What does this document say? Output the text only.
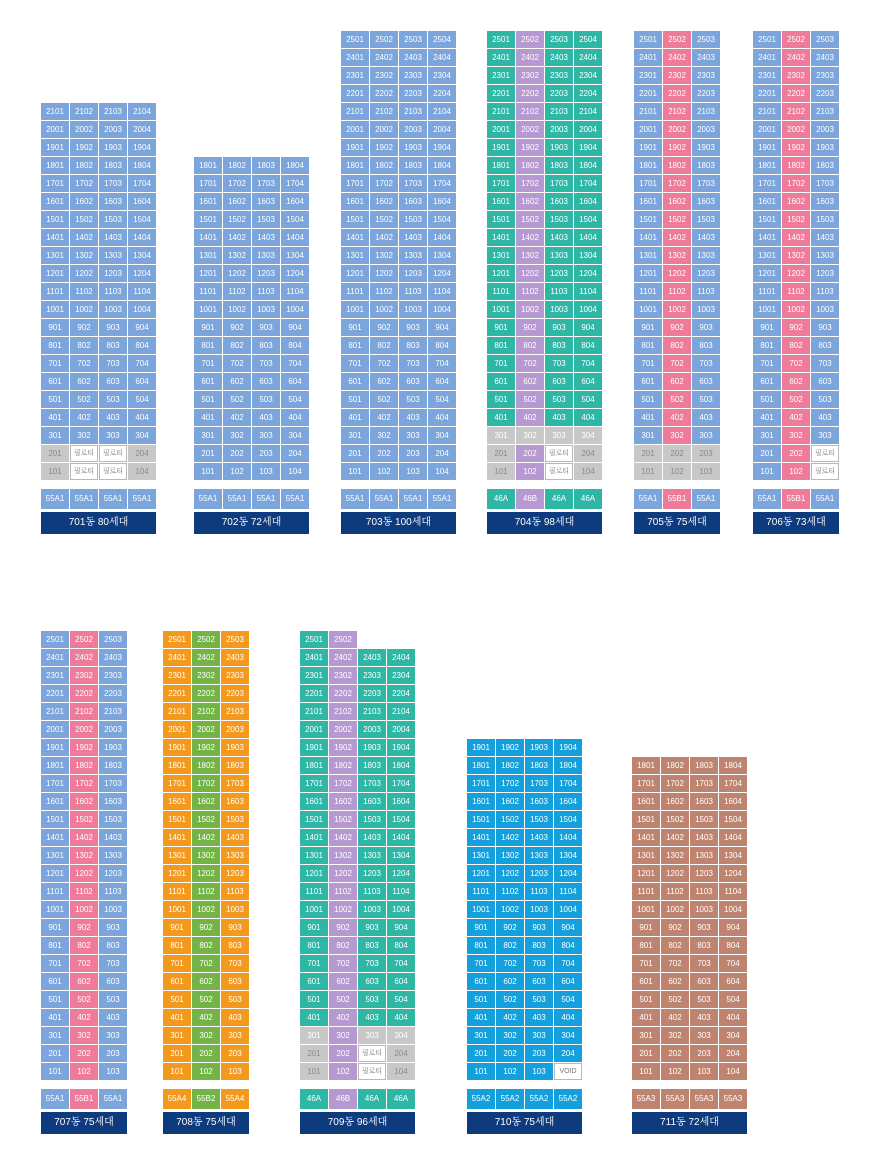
2101	2102	2103	2104
2001	2002	2003	2004
1901	1902	1903	1904
1801	1802	1803	1804
1701	1702	1703	1704
1601	1602	1603	1604
1501	1502	1503	1504
1401	1402	1403	1404
1301	1302	1303	1304
1201	1202	1203	1204
1101	1102	1103	1104
1001	1002	1003	1004
901	902	903	904
801	802	803	804
701	702	703	704
601	602	603	604
501	502	503	504
401	402	403	404
301	302	303	304
201	필로티	필로티	204
101	필로티	필로티	104
55A1	55A1	55A1	55A1
701동 80세대
1801	1802	1803	1804
1701	1702	1703	1704
1601	1602	1603	1604
1501	1502	1503	1504
1401	1402	1403	1404
1301	1302	1303	1304
1201	1202	1203	1204
1101	1102	1103	1104
1001	1002	1003	1004
901	902	903	904
801	802	803	804
701	702	703	704
601	602	603	604
501	502	503	504
401	402	403	404
301	302	303	304
201	202	203	204
101	102	103	104
55A1	55A1	55A1	55A1
702동 72세대
2501	2502	2503	2504
2401	2402	2403	2404
2301	2302	2303	2304
2201	2202	2203	2204
2101	2102	2103	2104
2001	2002	2003	2004
1901	1902	1903	1904
1801	1802	1803	1804
1701	1702	1703	1704
1601	1602	1603	1604
1501	1502	1503	1504
1401	1402	1403	1404
1301	1302	1303	1304
1201	1202	1203	1204
1101	1102	1103	1104
1001	1002	1003	1004
901	902	903	904
801	802	803	804
701	702	703	704
601	602	603	604
501	502	503	504
401	402	403	404
301	302	303	304
201	202	203	204
101	102	103	104
55A1	55A1	55A1	55A1
703동 100세대
2501	2502	2503	2504
2401	2402	2403	2404
2301	2302	2303	2304
2201	2202	2203	2204
2101	2102	2103	2104
2001	2002	2003	2004
1901	1902	1903	1904
1801	1802	1803	1804
1701	1702	1703	1704
1601	1602	1603	1604
1501	1502	1503	1504
1401	1402	1403	1404
1301	1302	1303	1304
1201	1202	1203	1204
1101	1102	1103	1104
1001	1002	1003	1004
901	902	903	904
801	802	803	804
701	702	703	704
601	602	603	604
501	502	503	504
401	402	403	404
301	302	303	304
201	202	필로티	204
101	102	필로티	104
46A	46B	46A	46A
704동 98세대
2501	2502	2503
2401	2402	2403
2301	2302	2303
2201	2202	2203
2101	2102	2103
2001	2002	2003
1901	1902	1903
1801	1802	1803
1701	1702	1703
1601	1602	1603
1501	1502	1503
1401	1402	1403
1301	1302	1303
1201	1202	1203
1101	1102	1103
1001	1002	1003
901	902	903
801	802	803
701	702	703
601	602	603
501	502	503
401	402	403
301	302	303
201	202	203
101	102	103
55A1	55B1	55A1
705동 75세대
2501	2502	2503
2401	2402	2403
2301	2302	2303
2201	2202	2203
2101	2102	2103
2001	2002	2003
1901	1902	1903
1801	1802	1803
1701	1702	1703
1601	1602	1603
1501	1502	1503
1401	1402	1403
1301	1302	1303
1201	1202	1203
1101	1102	1103
1001	1002	1003
901	902	903
801	802	803
701	702	703
601	602	603
501	502	503
401	402	403
301	302	303
201	202	필로티
101	102	필로티
55A1	55B1	55A1
706동 73세대
2501	2502	2503
2401	2402	2403
2301	2302	2303
2201	2202	2203
2101	2102	2103
2001	2002	2003
1901	1902	1903
1801	1802	1803
1701	1702	1703
1601	1602	1603
1501	1502	1503
1401	1402	1403
1301	1302	1303
1201	1202	1203
1101	1102	1103
1001	1002	1003
901	902	903
801	802	803
701	702	703
601	602	603
501	502	503
401	402	403
301	302	303
201	202	203
101	102	103
55A1	55B1	55A1
707동 75세대
2501	2502	2503
2401	2402	2403
2301	2302	2303
2201	2202	2203
2101	2102	2103
2001	2002	2003
1901	1902	1903
1801	1802	1803
1701	1702	1703
1601	1602	1603
1501	1502	1503
1401	1402	1403
1301	1302	1303
1201	1202	1203
1101	1102	1103
1001	1002	1003
901	902	903
801	802	803
701	702	703
601	602	603
501	502	503
401	402	403
301	302	303
201	202	203
101	102	103
55A4	55B2	55A4
708동 75세대
2501	2502
2401	2402	2403	2404
2301	2302	2303	2304
2201	2202	2203	2204
2101	2102	2103	2104
2001	2002	2003	2004
1901	1902	1903	1904
1801	1802	1803	1804
1701	1702	1703	1704
1601	1602	1603	1604
1501	1502	1503	1504
1401	1402	1403	1404
1301	1302	1303	1304
1201	1202	1203	1204
1101	1102	1103	1104
1001	1002	1003	1004
901	902	903	904
801	802	803	804
701	702	703	704
601	602	603	604
501	502	503	504
401	402	403	404
301	302	303	304
201	202	필로티	204
101	102	필로티	104
46A	46B	46A	46A
709동 96세대
1901	1902	1903	1904
1801	1802	1803	1804
1701	1702	1703	1704
1601	1602	1603	1604
1501	1502	1503	1504
1401	1402	1403	1404
1301	1302	1303	1304
1201	1202	1203	1204
1101	1102	1103	1104
1001	1002	1003	1004
901	902	903	904
801	802	803	804
701	702	703	704
601	602	603	604
501	502	503	504
401	402	403	404
301	302	303	304
201	202	203	204
101	102	103	VOID
55A2	55A2	55A2	55A2
710동 75세대
1801	1802	1803	1804
1701	1702	1703	1704
1601	1602	1603	1604
1501	1502	1503	1504
1401	1402	1403	1404
1301	1302	1303	1304
1201	1202	1203	1204
1101	1102	1103	1104
1001	1002	1003	1004
901	902	903	904
801	802	803	804
701	702	703	704
601	602	603	604
501	502	503	504
401	402	403	404
301	302	303	304
201	202	203	204
101	102	103	104
55A3	55A3	55A3	55A3
711동 72세대
